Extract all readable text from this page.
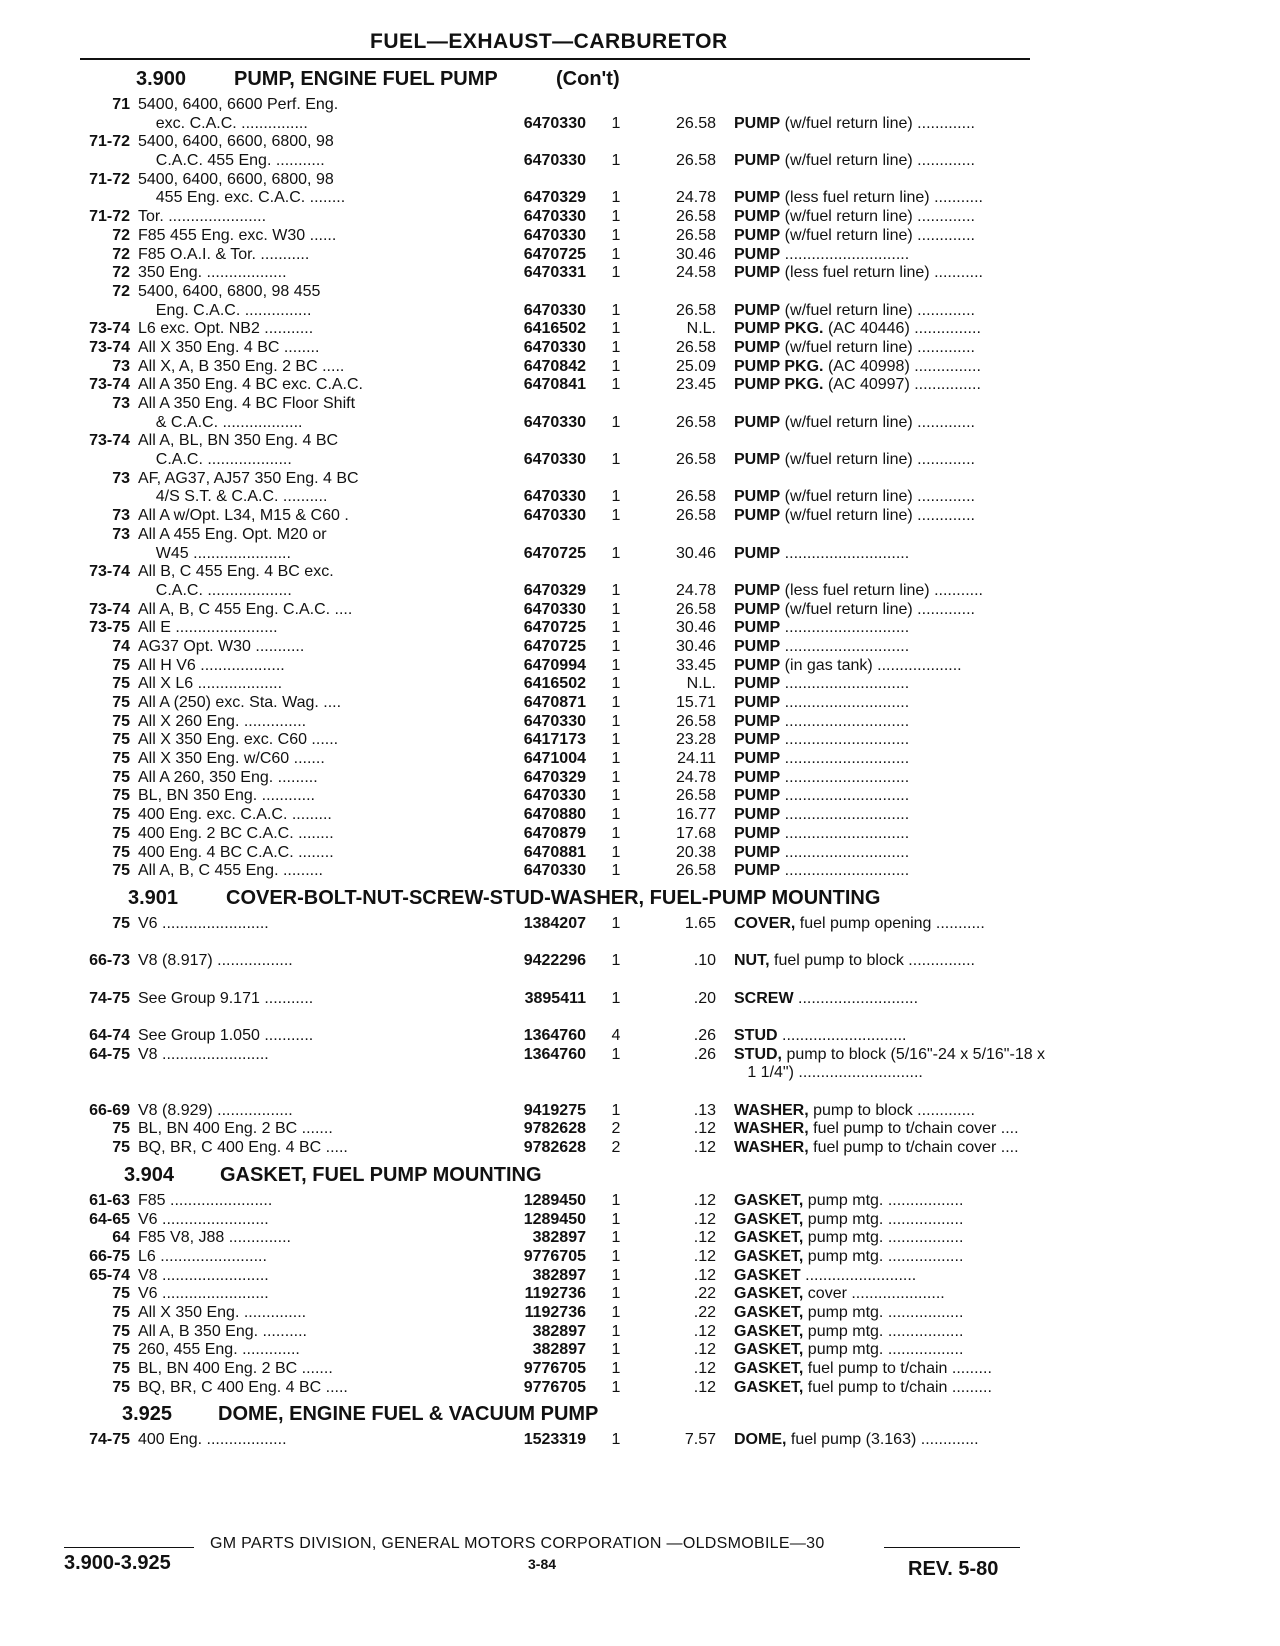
FUEL—EXHAUST—CARBURETOR
3.900 PUMP, ENGINE FUEL PUMP	(Con't)
71 5400, 6400, 6600 Perf. Eng.
exc. C.A.C. ...............	6470330	1	26.58 PUMP (w/fuel return line) .............
71-72 5400, 6400, 6600, 6800, 98
C.A.C. 455 Eng. ...........	6470330	1	26.58 PUMP (w/fuel return line) .............
71-72 5400, 6400, 6600, 6800, 98
455 Eng. exc. C.A.C. ........	6470329	1	24.78 PUMP (less fuel return line) ...........
71-72 Tor. ......................	6470330	1	26.58 PUMP (w/fuel return line) .............
72 F85 455 Eng. exc. W30 ......	6470330	1	26.58 PUMP (w/fuel return line) .............
72 F85 O.A.I. & Tor. ...........	6470725	1	30.46 PUMP ............................
72 350 Eng. ..................	6470331	1	24.58 PUMP (less fuel return line) ...........
72 5400, 6400, 6800, 98 455
Eng. C.A.C. ...............	6470330	1	26.58 PUMP (w/fuel return line) .............
73-74 L6 exc. Opt. NB2 ...........	6416502	1	N.L. PUMP PKG. (AC 40446) ...............
73-74 All X 350 Eng. 4 BC ........	6470330	1	26.58 PUMP (w/fuel return line) .............
73 All X, A, B 350 Eng. 2 BC .....	6470842	1	25.09 PUMP PKG. (AC 40998) ...............
73-74 All A 350 Eng. 4 BC exc. C.A.C.	6470841	1	23.45 PUMP PKG. (AC 40997) ...............
73 All A 350 Eng. 4 BC Floor Shift
& C.A.C. ..................	6470330	1	26.58 PUMP (w/fuel return line) .............
73-74 All A, BL, BN 350 Eng. 4 BC
C.A.C. ...................	6470330	1	26.58 PUMP (w/fuel return line) .............
73 AF, AG37, AJ57 350 Eng. 4 BC
4/S S.T. & C.A.C. ..........	6470330	1	26.58 PUMP (w/fuel return line) .............
73 All A w/Opt. L34, M15 & C60 .	6470330	1	26.58 PUMP (w/fuel return line) .............
73 All A 455 Eng. Opt. M20 or
W45 ......................	6470725	1	30.46 PUMP ............................
73-74 All B, C 455 Eng. 4 BC exc.
C.A.C. ...................	6470329	1	24.78 PUMP (less fuel return line) ...........
73-74 All A, B, C 455 Eng. C.A.C. ....	6470330	1	26.58 PUMP (w/fuel return line) .............
73-75 All E .......................	6470725	1	30.46 PUMP ............................
74 AG37 Opt. W30 ...........	6470725	1	30.46 PUMP ............................
75 All H V6 ...................	6470994	1	33.45 PUMP (in gas tank) ...................
75 All X L6 ...................	6416502	1	N.L. PUMP ............................
75 All A (250) exc. Sta. Wag. ....	6470871	1	15.71 PUMP ............................
75 All X 260 Eng. ..............	6470330	1	26.58 PUMP ............................
75 All X 350 Eng. exc. C60 ......	6417173	1	23.28 PUMP ............................
75 All X 350 Eng. w/C60 .......	6471004	1	24.11 PUMP ............................
75 All A 260, 350 Eng. .........	6470329	1	24.78 PUMP ............................
75 BL, BN 350 Eng. ............	6470330	1	26.58 PUMP ............................
75 400 Eng. exc. C.A.C. .........	6470880	1	16.77 PUMP ............................
75 400 Eng. 2 BC C.A.C. ........	6470879	1	17.68 PUMP ............................
75 400 Eng. 4 BC C.A.C. ........	6470881	1	20.38 PUMP ............................
75 All A, B, C 455 Eng. .........	6470330	1	26.58 PUMP ............................
3.901 COVER-BOLT-NUT-SCREW-STUD-WASHER, FUEL-PUMP MOUNTING
75 V6 ........................	1384207	1	1.65 COVER, fuel pump opening ...........
66-73 V8 (8.917) .................	9422296	1	.10 NUT, fuel pump to block ...............
74-75 See Group 9.171 ...........	3895411	1	.20 SCREW ...........................
64-74 See Group 1.050 ...........	1364760	4	.26 STUD ............................
64-75 V8 ........................	1364760	1	.26 STUD, pump to block (5/16"-24 x 5/16"-18 x
1 1/4") ............................
66-69 V8 (8.929) .................	9419275	1	.13 WASHER, pump to block .............
75 BL, BN 400 Eng. 2 BC .......	9782628	2	.12 WASHER, fuel pump to t/chain cover ....
75 BQ, BR, C 400 Eng. 4 BC .....	9782628	2	.12 WASHER, fuel pump to t/chain cover ....
3.904 GASKET, FUEL PUMP MOUNTING
61-63 F85 .......................	1289450	1	.12 GASKET, pump mtg. .................
64-65 V6 ........................	1289450	1	.12 GASKET, pump mtg. .................
64 F85 V8, J88 ..............	382897	1	.12 GASKET, pump mtg. .................
66-75 L6 ........................	9776705	1	.12 GASKET, pump mtg. .................
65-74 V8 ........................	382897	1	.12 GASKET .........................
75 V6 ........................	1192736	1	.22 GASKET, cover .....................
75 All X 350 Eng. ..............	1192736	1	.22 GASKET, pump mtg. .................
75 All A, B 350 Eng. ..........	382897	1	.12 GASKET, pump mtg. .................
75 260, 455 Eng. .............	382897	1	.12 GASKET, pump mtg. .................
75 BL, BN 400 Eng. 2 BC .......	9776705	1	.12 GASKET, fuel pump to t/chain .........
75 BQ, BR, C 400 Eng. 4 BC .....	9776705	1	.12 GASKET, fuel pump to t/chain .........
3.925 DOME, ENGINE FUEL & VACUUM PUMP
74-75 400 Eng. ..................	1523319	1	7.57 DOME, fuel pump (3.163) .............
GM PARTS DIVISION, GENERAL MOTORS CORPORATION —OLDSMOBILE—30
3.900-3.925	3-84	REV. 5-80
